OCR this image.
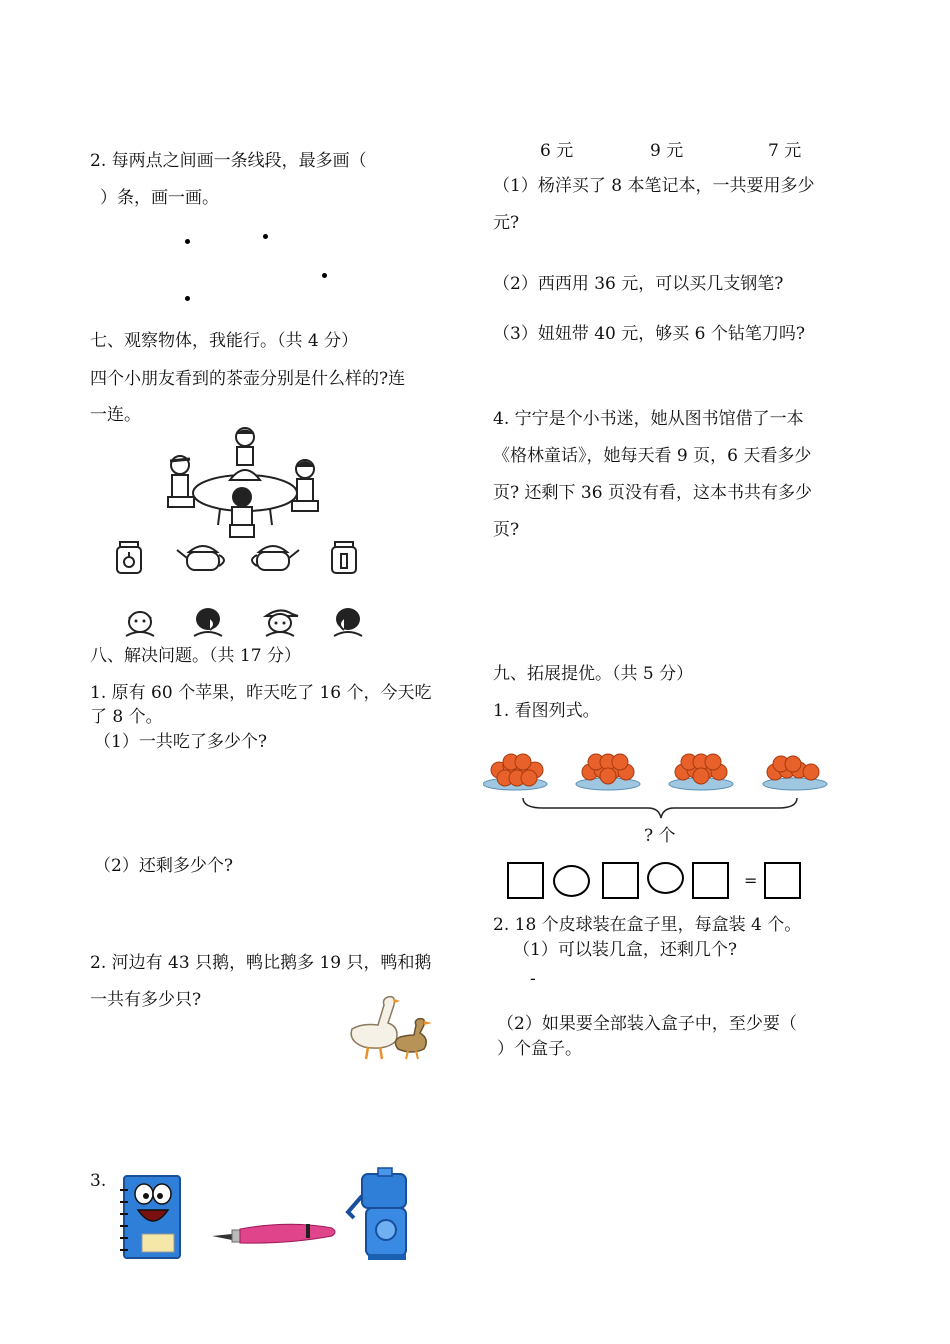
2. 每两点之间画一条线段，最多画（
）条，画一画。
七、观察物体，我能行。（共 4 分）
四个小朋友看到的茶壶分别是什么样的?连
一连。
八、解决问题。（共 17 分）
1. 原有 60 个苹果，昨天吃了 16 个，今天吃
了 8 个。
（1）一共吃了多少个?
（2）还剩多少个?
2. 河边有 43 只鹅，鸭比鹅多 19 只，鸭和鹅
一共有多少只?
3.
6 元	9 元	7 元
（1）杨洋买了 8 本笔记本，一共要用多少
元?
（2）西西用 36 元，可以买几支钢笔?
（3）妞妞带 40 元，够买 6 个钻笔刀吗?
4. 宁宁是个小书迷，她从图书馆借了一本
《格林童话》，她每天看 9 页，6 天看多少
页? 还剩下 36 页没有看，这本书共有多少
页?
九、拓展提优。（共 5 分）
1. 看图列式。
? 个
=
2. 18 个皮球装在盒子里，每盒装 4 个。
（1）可以装几盒，还剩几个?
-
（2）如果要全部装入盒子中，至少要（
）个盒子。
